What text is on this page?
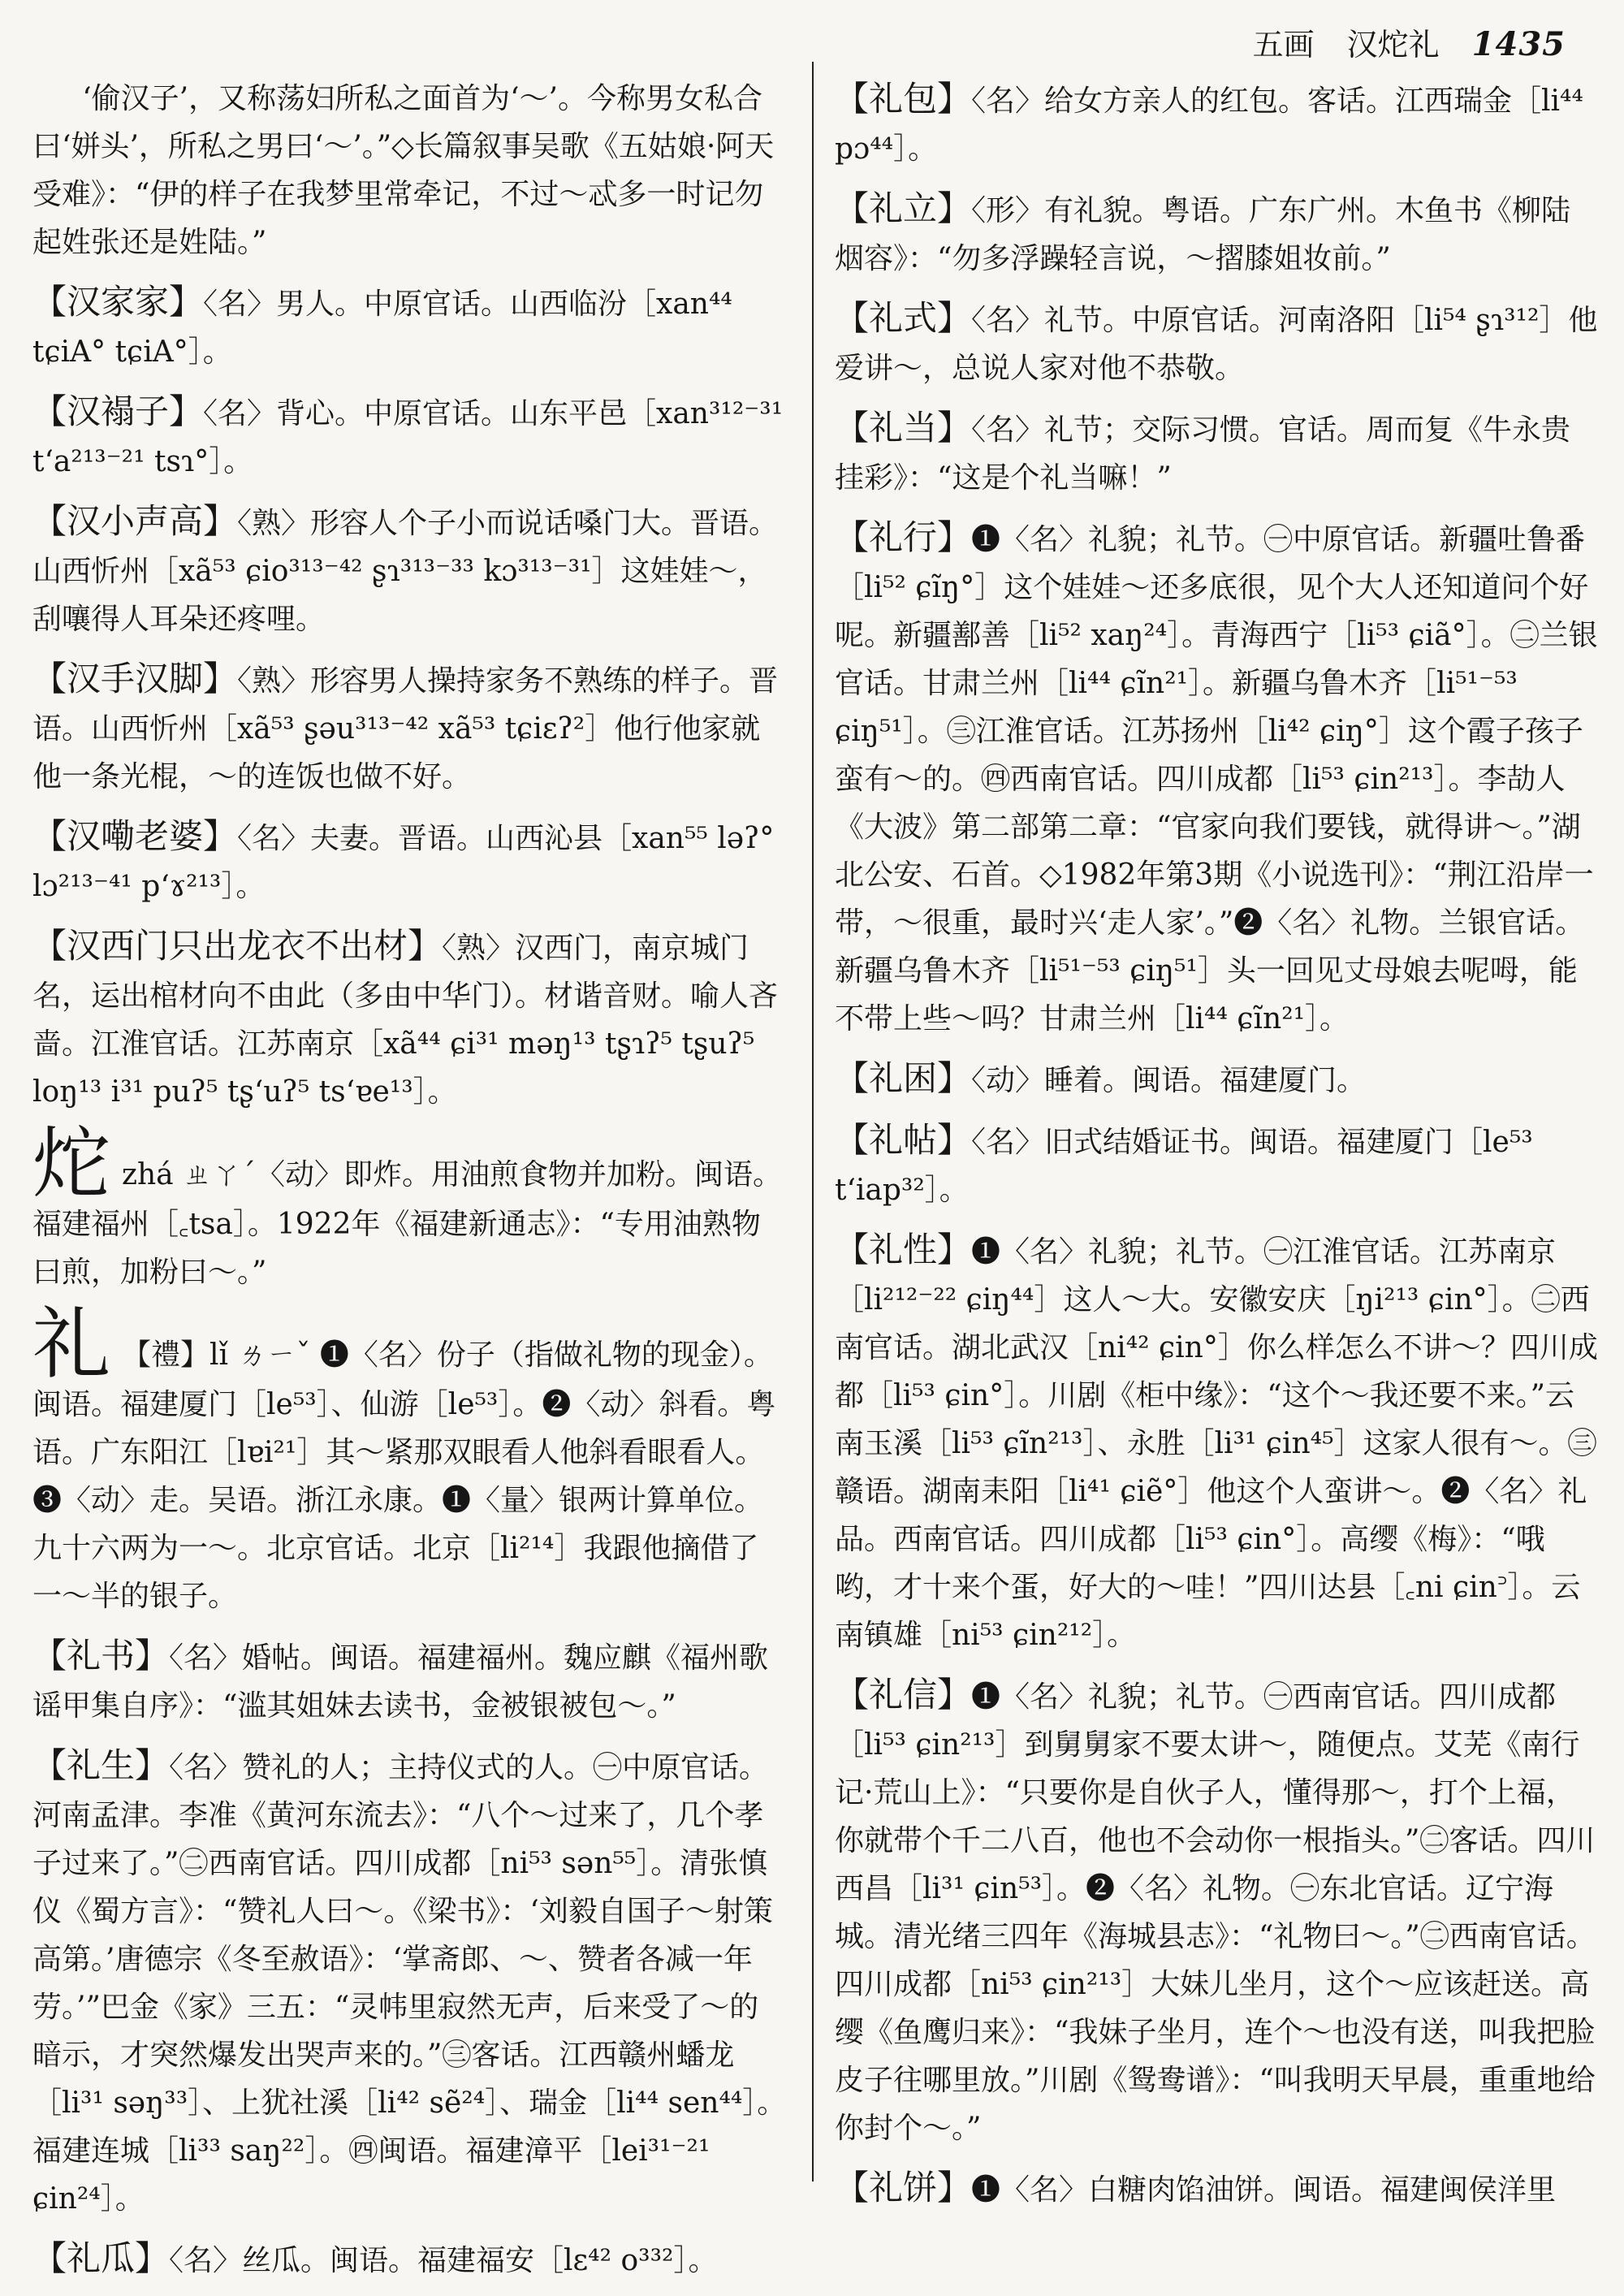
五画 汉炨礼 1435
‘偷汉子’，又称荡妇所私之面首为‘～’。今称男女私合曰‘姘头’，所私之男曰‘～’。”◇长篇叙事吴歌《五姑娘·阿天受难》：“伊的样子在我梦里常牵记，不过～忒多一时记勿起姓张还是姓陆。”
【汉家家】〈名〉男人。中原官话。山西临汾［xan⁴⁴ tɕiA° tɕiA°］。
【汉褟子】〈名〉背心。中原官话。山东平邑［xan³¹²⁻³¹ tʻa²¹³⁻²¹ tsɿ°］。
【汉小声高】〈熟〉形容人个子小而说话嗓门大。晋语。山西忻州［xã⁵³ ɕio³¹³⁻⁴² ʂɿ³¹³⁻³³ kɔ³¹³⁻³¹］这娃娃～，刮嚷得人耳朵还疼哩。
【汉手汉脚】〈熟〉形容男人操持家务不熟练的样子。晋语。山西忻州［xã⁵³ ʂəu³¹³⁻⁴² xã⁵³ tɕiɛʔ²］他行他家就他一条光棍，～的连饭也做不好。
【汉嘞老婆】〈名〉夫妻。晋语。山西沁县［xan⁵⁵ ləʔ° lɔ²¹³⁻⁴¹ pʻɤ²¹³］。
【汉西门只出龙衣不出材】〈熟〉汉西门，南京城门名，运出棺材向不由此（多由中华门）。材谐音财。喻人吝啬。江淮官话。江苏南京［xã⁴⁴ ɕi³¹ məŋ¹³ tʂɿʔ⁵ tʂuʔ⁵ loŋ¹³ i³¹ puʔ⁵ tʂʻuʔ⁵ tsʻɐe¹³］。
炨zhá ㄓㄚˊ〈动〉即炸。用油煎食物并加粉。闽语。福建福州［꜀tsa］。1922年《福建新通志》：“专用油熟物曰煎，加粉曰～。”
礼 【禮】lǐ ㄌㄧˇ ❶〈名〉份子（指做礼物的现金）。闽语。福建厦门［le⁵³］、仙游［le⁵³］。❷〈动〉斜看。粤语。广东阳江［lɐi²¹］其～紧那双眼看人他斜看眼看人。❸〈动〉走。吴语。浙江永康。❶〈量〉银两计算单位。九十六两为一～。北京官话。北京［li²¹⁴］我跟他摘借了一～半的银子。
【礼书】〈名〉婚帖。闽语。福建福州。魏应麒《福州歌谣甲集自序》：“滥其姐妹去读书，金被银被包～。”
【礼生】〈名〉赞礼的人；主持仪式的人。㊀中原官话。河南孟津。李准《黄河东流去》：“八个～过来了，几个孝子过来了。”㊁西南官话。四川成都［ni⁵³ sən⁵⁵］。清张慎仪《蜀方言》：“赞礼人曰～。《梁书》：‘刘毅自国子～射策高第。’唐德宗《冬至赦语》：‘掌斋郎、～、赞者各减一年劳。’”巴金《家》三五：“灵帏里寂然无声，后来受了～的暗示，才突然爆发出哭声来的。”㊂客话。江西赣州蟠龙［li³¹ səŋ³³］、上犹社溪［li⁴² sẽ²⁴］、瑞金［li⁴⁴ sen⁴⁴］。福建连城［li³³ saŋ²²］。㊃闽语。福建漳平［lei³¹⁻²¹ ɕin²⁴］。
【礼瓜】〈名〉丝瓜。闽语。福建福安［lɛ⁴² o³³²］。
【礼包】〈名〉给女方亲人的红包。客话。江西瑞金［li⁴⁴ pɔ⁴⁴］。
【礼立】〈形〉有礼貌。粤语。广东广州。木鱼书《柳陆烟容》：“勿多浮躁轻言说，～摺膝姐妆前。”
【礼式】〈名〉礼节。中原官话。河南洛阳［li⁵⁴ ʂɿ³¹²］他爱讲～，总说人家对他不恭敬。
【礼当】〈名〉礼节；交际习惯。官话。周而复《牛永贵挂彩》：“这是个礼当嘛！”
【礼行】❶〈名〉礼貌；礼节。㊀中原官话。新疆吐鲁番［li⁵² ɕĩŋ°］这个娃娃～还多底很，见个大人还知道问个好呢。新疆鄯善［li⁵² xaŋ²⁴］。青海西宁［li⁵³ ɕiã°］。㊁兰银官话。甘肃兰州［li⁴⁴ ɕĩn²¹］。新疆乌鲁木齐［li⁵¹⁻⁵³ ɕiŋ⁵¹］。㊂江淮官话。江苏扬州［li⁴² ɕiŋ°］这个霞子孩子蛮有～的。㊃西南官话。四川成都［li⁵³ ɕin²¹³］。李劼人《大波》第二部第二章：“官家向我们要钱，就得讲～。”湖北公安、石首。◇1982年第3期《小说选刊》：“荆江沿岸一带，～很重，最时兴‘走人家’。”❷〈名〉礼物。兰银官话。新疆乌鲁木齐［li⁵¹⁻⁵³ ɕiŋ⁵¹］头一回见丈母娘去呢呣，能不带上些～吗？甘肃兰州［li⁴⁴ ɕĩn²¹］。
【礼困】〈动〉睡着。闽语。福建厦门。
【礼帖】〈名〉旧式结婚证书。闽语。福建厦门［le⁵³ tʻiap³²］。
【礼性】❶〈名〉礼貌；礼节。㊀江淮官话。江苏南京［li²¹²⁻²² ɕiŋ⁴⁴］这人～大。安徽安庆［ŋi²¹³ ɕin°］。㊁西南官话。湖北武汉［ni⁴² ɕin°］你么样怎么不讲～？四川成都［li⁵³ ɕin°］。川剧《柜中缘》：“这个～我还要不来。”云南玉溪［li⁵³ ɕĩn²¹³］、永胜［li³¹ ɕin⁴⁵］这家人很有～。㊂赣语。湖南耒阳［li⁴¹ ɕiẽ°］他这个人蛮讲～。❷〈名〉礼品。西南官话。四川成都［li⁵³ ɕin°］。高缨《梅》：“哦哟，才十来个蛋，好大的～哇！”四川达县［꜀ni ɕin꜄］。云南镇雄［ni⁵³ ɕin²¹²］。
【礼信】❶〈名〉礼貌；礼节。㊀西南官话。四川成都［li⁵³ ɕin²¹³］到舅舅家不要太讲～，随便点。艾芜《南行记·荒山上》：“只要你是自伙子人，懂得那～，打个上福，你就带个千二八百，他也不会动你一根指头。”㊁客话。四川西昌［li³¹ ɕin⁵³］。❷〈名〉礼物。㊀东北官话。辽宁海城。清光绪三四年《海城县志》：“礼物曰～。”㊁西南官话。四川成都［ni⁵³ ɕin²¹³］大妹儿坐月，这个～应该赶送。高缨《鱼鹰归来》：“我妹子坐月，连个～也没有送，叫我把脸皮子往哪里放。”川剧《鸳鸯谱》：“叫我明天早晨，重重地给你封个～。”
【礼饼】❶〈名〉白糖肉馅油饼。闽语。福建闽侯洋里
